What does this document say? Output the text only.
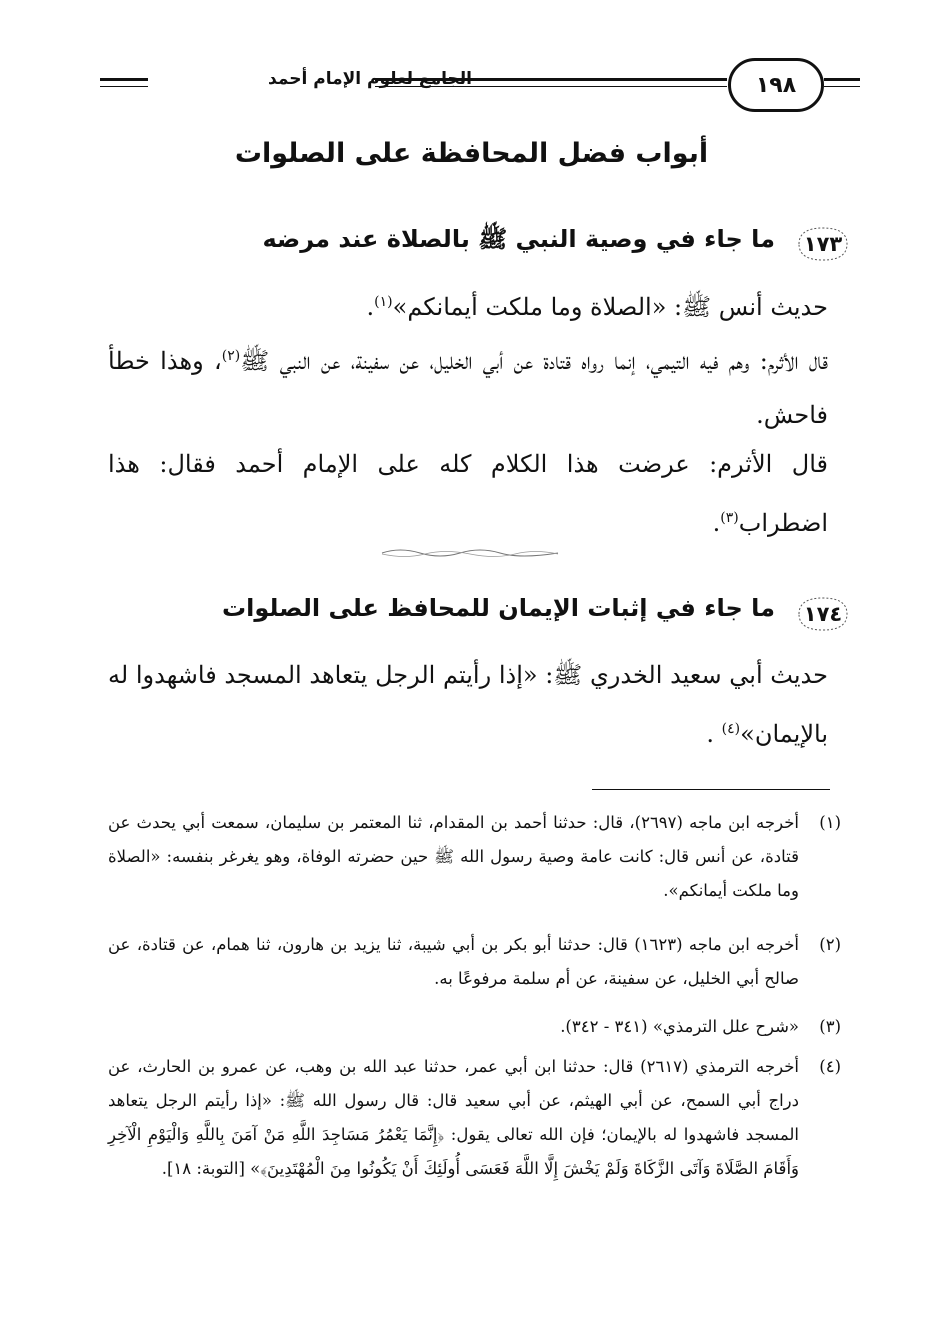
الجامع لعلوم الإمام أحمد	١٩٨
أبواب فضل المحافظة على الصلوات
١٧٣
ما جاء في وصية النبي ﷺ بالصلاة عند مرضه
حديث أنس ﷺ: «الصلاة وما ملكت أيمانكم»$^{(١)}$.
قال الأثرم: وهم فيه التيمي، إنما رواه قتادة عن أبي الخليل، عن سفينة، عن النبي ﷺ$^{(٢)}$، وهذا خطأ فاحش.
قال الأثرم: عرضت هذا الكلام كله على الإمام أحمد فقال: هذا اضطراب$^{(٣)}$.
١٧٤
ما جاء في إثبات الإيمان للمحافظ على الصلوات
حديث أبي سعيد الخدري ﷺ: «إذا رأيتم الرجل يتعاهد المسجد فاشهدوا له بالإيمان»$^{(٤)}$ .
(١)
أخرجه ابن ماجه (٢٦٩٧)، قال: حدثنا أحمد بن المقدام، ثنا المعتمر بن سليمان، سمعت أبي يحدث عن قتادة، عن أنس قال: كانت عامة وصية رسول الله ﷺ حين حضرته الوفاة، وهو يغرغر بنفسه: «الصلاة وما ملكت أيمانكم».
(٢)
أخرجه ابن ماجه (١٦٢٣) قال: حدثنا أبو بكر بن أبي شيبة، ثنا يزيد بن هارون، ثنا همام، عن قتادة، عن صالح أبي الخليل، عن سفينة، عن أم سلمة مرفوعًا به.
(٣)
«شرح علل الترمذي» (٣٤١ - ٣٤٢).
(٤)
أخرجه الترمذي (٢٦١٧) قال: حدثنا ابن أبي عمر، حدثنا عبد الله بن وهب، عن عمرو بن الحارث، عن دراج أبي السمح، عن أبي الهيثم، عن أبي سعيد قال: قال رسول الله ﷺ: «إذا رأيتم الرجل يتعاهد المسجد فاشهدوا له بالإيمان؛ فإن الله تعالى يقول: ﴿إِنَّمَا يَعْمُرُ مَسَاجِدَ اللَّهِ مَنْ آمَنَ بِاللَّهِ وَالْيَوْمِ الْآخِرِ وَأَقَامَ الصَّلَاةَ وَآتَى الزَّكَاةَ وَلَمْ يَخْشَ إِلَّا اللَّهَ فَعَسَى أُولَئِكَ أَنْ يَكُونُوا مِنَ الْمُهْتَدِينَ﴾» [التوبة: ١٨].
